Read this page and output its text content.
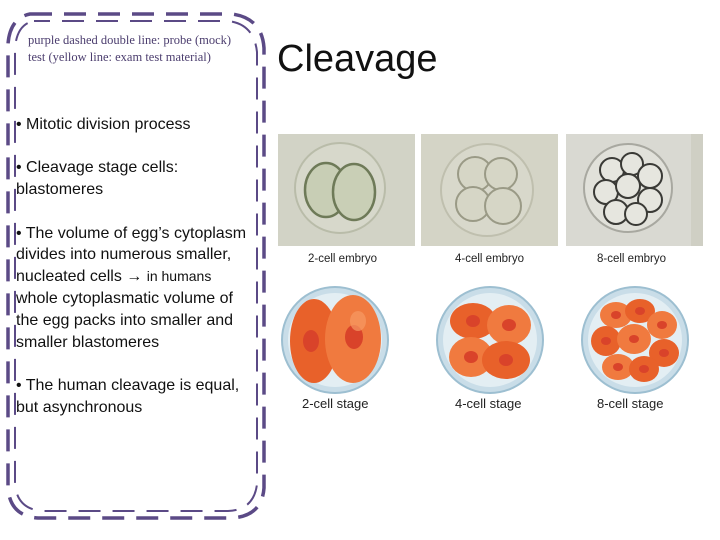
purple dashed double line: probe (mock) test (yellow line: exam test material)

• Mitotic division process

• Cleavage stage cells: blastomeres

• The volume of egg’s cytoplasm divides into numerous smaller, nucleated cells → in humans whole cytoplasmatic volume of the egg packs into smaller and smaller blastomeres

• The human cleavage is equal, but asynchronous

Cleavage
2-cell embryo	4-cell embryo	8-cell embryo
2-cell stage	4-cell stage	8-cell stage
